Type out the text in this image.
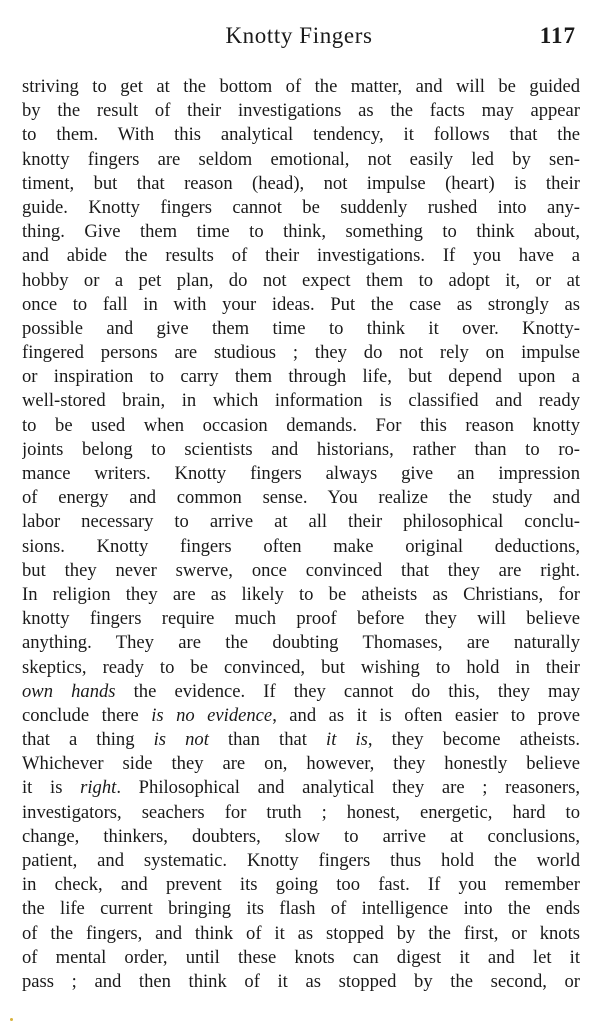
Knotty Fingers	117
striving to get at the bottom of the matter, and will be guided
by the result of their investigations as the facts may appear
to them. With this analytical tendency, it follows that the
knotty fingers are seldom emotional, not easily led by sen-
timent, but that reason (head), not impulse (heart) is their
guide. Knotty fingers cannot be suddenly rushed into any-
thing. Give them time to think, something to think about,
and abide the results of their investigations. If you have a
hobby or a pet plan, do not expect them to adopt it, or at
once to fall in with your ideas. Put the case as strongly as
possible and give them time to think it over. Knotty-
fingered persons are studious ; they do not rely on impulse
or inspiration to carry them through life, but depend upon a
well-stored brain, in which information is classified and ready
to be used when occasion demands. For this reason knotty
joints belong to scientists and historians, rather than to ro-
mance writers. Knotty fingers always give an impression
of energy and common sense. You realize the study and
labor necessary to arrive at all their philosophical conclu-
sions. Knotty fingers often make original deductions,
but they never swerve, once convinced that they are right.
In religion they are as likely to be atheists as Christians, for
knotty fingers require much proof before they will believe
anything. They are the doubting Thomases, are naturally
skeptics, ready to be convinced, but wishing to hold in their
own hands the evidence. If they cannot do this, they may
conclude there is no evidence, and as it is often easier to prove
that a thing is not than that it is, they become atheists.
Whichever side they are on, however, they honestly believe
it is right. Philosophical and analytical they are ; reasoners,
investigators, seachers for truth ; honest, energetic, hard to
change, thinkers, doubters, slow to arrive at conclusions,
patient, and systematic. Knotty fingers thus hold the world
in check, and prevent its going too fast. If you remember
the life current bringing its flash of intelligence into the ends
of the fingers, and think of it as stopped by the first, or knots
of mental order, until these knots can digest it and let it
pass ; and then think of it as stopped by the second, or
